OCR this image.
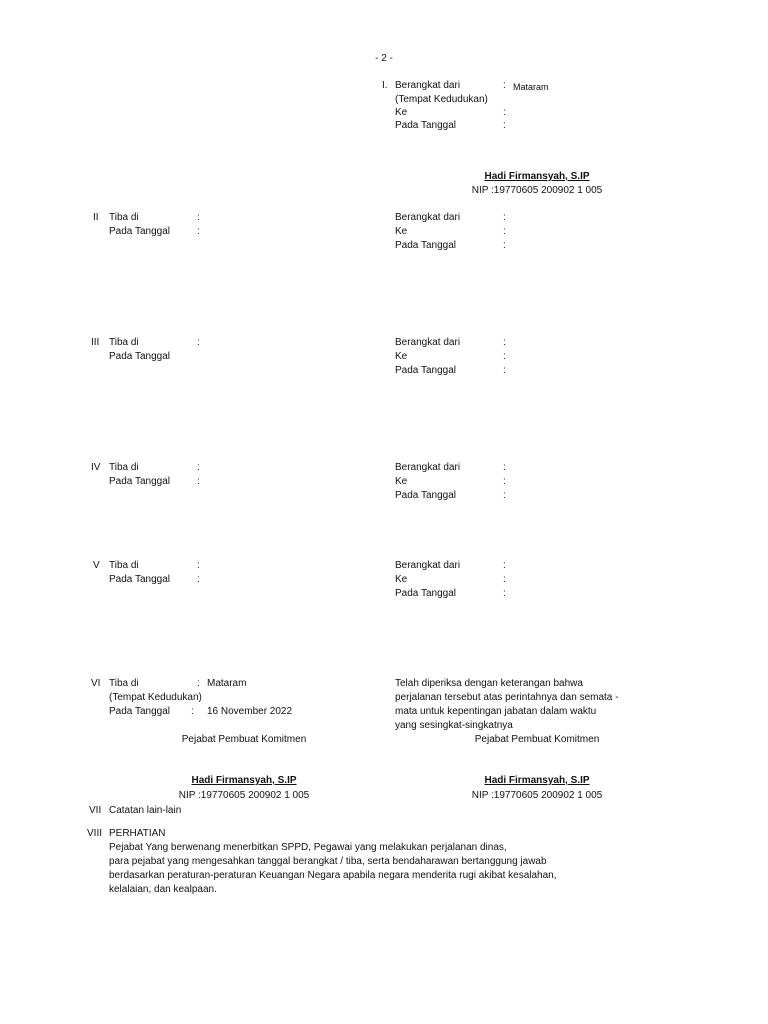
- 2 -
I. Berangkat dari	: Mataram
(Tempat Kedudukan)
Ke	:
Pada Tanggal	:
Hadi Firmansyah, S.IP
NIP :19770605 200902 1 005
II Tiba di	:
Pada Tanggal	:
Berangkat dari	:
Ke	:
Pada Tanggal	:
III Tiba di	:
Pada Tanggal
Berangkat dari	:
Ke	:
Pada Tanggal	:
IV Tiba di	:
Pada Tanggal	:
Berangkat dari	:
Ke	:
Pada Tanggal	:
V Tiba di	:
Pada Tanggal	:
Berangkat dari	:
Ke	:
Pada Tanggal	:
VI Tiba di	: Mataram
(Tempat Kedudukan)
Pada Tanggal : 16 November 2022
Telah diperiksa dengan keterangan bahwa
perjalanan tersebut atas perintahnya dan semata -
mata untuk kepentingan jabatan dalam waktu
yang sesingkat-singkatnya
Pejabat Pembuat Komitmen	Pejabat Pembuat Komitmen
Hadi Firmansyah, S.IP
NIP :19770605 200902 1 005
Hadi Firmansyah, S.IP
NIP :19770605 200902 1 005
VII Catatan lain-lain
VIII PERHATIAN
Pejabat Yang berwenang menerbitkan SPPD, Pegawai yang melakukan perjalanan dinas,
para pejabat yang mengesahkan tanggal berangkat / tiba, serta bendaharawan bertanggung jawab
berdasarkan peraturan-peraturan Keuangan Negara apabila negara menderita rugi akibat kesalahan,
kelalaian, dan kealpaan.
